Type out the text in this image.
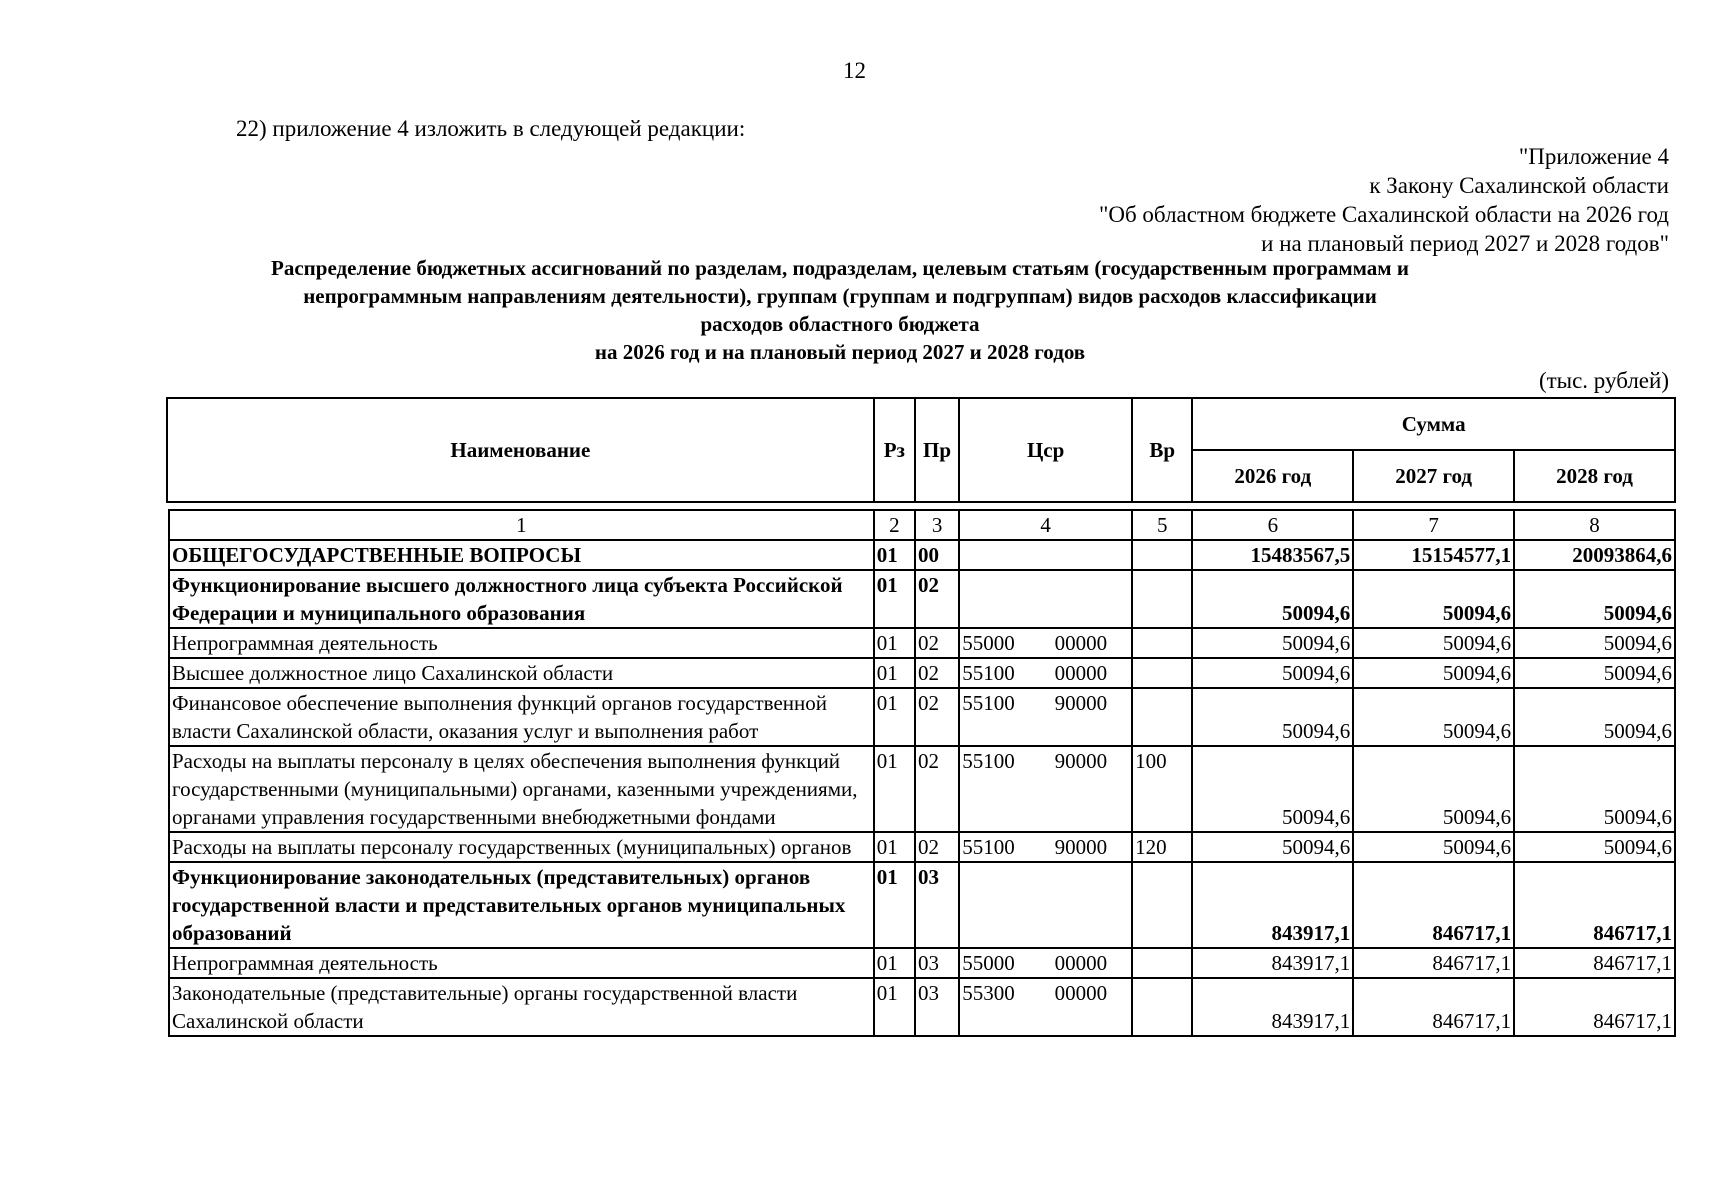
12
22) приложение 4 изложить в следующей редакции:
"Приложение 4
к Закону Сахалинской области
"Об областном бюджете Сахалинской области на 2026 год
и на плановый период 2027 и 2028 годов"
Распределение бюджетных ассигнований по разделам, подразделам, целевым статьям (государственным программам и
непрограммным направлениям деятельности), группам (группам и подгруппам) видов расходов классификации
расходов областного бюджета
на 2026 год и на плановый период 2027 и 2028 годов
(тыс. рублей)
Наименование	Рз	Пр	Цср	Вр	Сумма		
					2026 год	2027 год	2028 год
1	2	3	4	5	6	7	8
ОБЩЕГОСУДАРСТВЕННЫЕ ВОПРОСЫ	01	00			15483567,5	15154577,1	20093864,6
Функционирование высшего должностного лица субъекта Российской Федерации и муниципального образования	01	02			50094,6	50094,6	50094,6
Непрограммная деятельность	01	02	55000 00000		50094,6	50094,6	50094,6
Высшее должностное лицо Сахалинской области	01	02	55100 00000		50094,6	50094,6	50094,6
Финансовое обеспечение выполнения функций органов государственной власти Сахалинской области, оказания услуг и выполнения работ	01	02	55100 90000		50094,6	50094,6	50094,6
Расходы на выплаты персоналу в целях обеспечения выполнения функций государственными (муниципальными) органами, казенными учреждениями, органами управления государственными внебюджетными фондами	01	02	55100 90000	100	50094,6	50094,6	50094,6
Расходы на выплаты персоналу государственных (муниципальных) органов	01	02	55100 90000	120	50094,6	50094,6	50094,6
Функционирование законодательных (представительных) органов государственной власти и представительных органов муниципальных образований	01	03			843917,1	846717,1	846717,1
Непрограммная деятельность	01	03	55000 00000		843917,1	846717,1	846717,1
Законодательные (представительные) органы государственной власти Сахалинской области	01	03	55300 00000		843917,1	846717,1	846717,1
